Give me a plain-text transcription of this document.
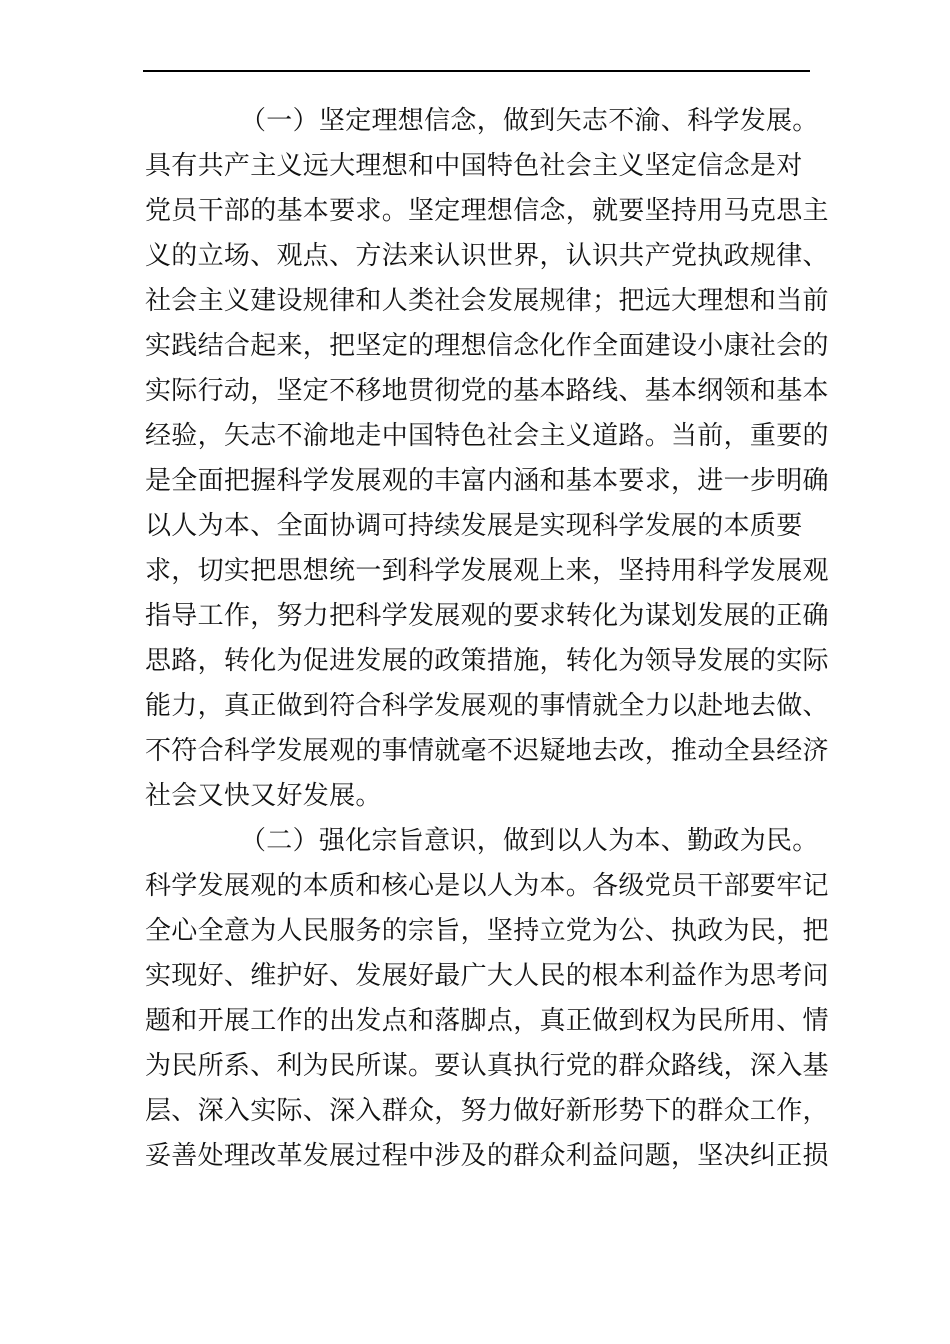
（一）坚定理想信念，做到矢志不渝、科学发展。
具有共产主义远大理想和中国特色社会主义坚定信念是对
党员干部的基本要求。坚定理想信念，就要坚持用马克思主
义的立场、观点、方法来认识世界，认识共产党执政规律、
社会主义建设规律和人类社会发展规律；把远大理想和当前
实践结合起来，把坚定的理想信念化作全面建设小康社会的
实际行动，坚定不移地贯彻党的基本路线、基本纲领和基本
经验，矢志不渝地走中国特色社会主义道路。当前，重要的
是全面把握科学发展观的丰富内涵和基本要求，进一步明确
以人为本、全面协调可持续发展是实现科学发展的本质要
求，切实把思想统一到科学发展观上来，坚持用科学发展观
指导工作，努力把科学发展观的要求转化为谋划发展的正确
思路，转化为促进发展的政策措施，转化为领导发展的实际
能力，真正做到符合科学发展观的事情就全力以赴地去做、
不符合科学发展观的事情就毫不迟疑地去改，推动全县经济
社会又快又好发展。
（二）强化宗旨意识，做到以人为本、勤政为民。
科学发展观的本质和核心是以人为本。各级党员干部要牢记
全心全意为人民服务的宗旨，坚持立党为公、执政为民，把
实现好、维护好、发展好最广大人民的根本利益作为思考问
题和开展工作的出发点和落脚点，真正做到权为民所用、情
为民所系、利为民所谋。要认真执行党的群众路线，深入基
层、深入实际、深入群众，努力做好新形势下的群众工作，
妥善处理改革发展过程中涉及的群众利益问题，坚决纠正损
